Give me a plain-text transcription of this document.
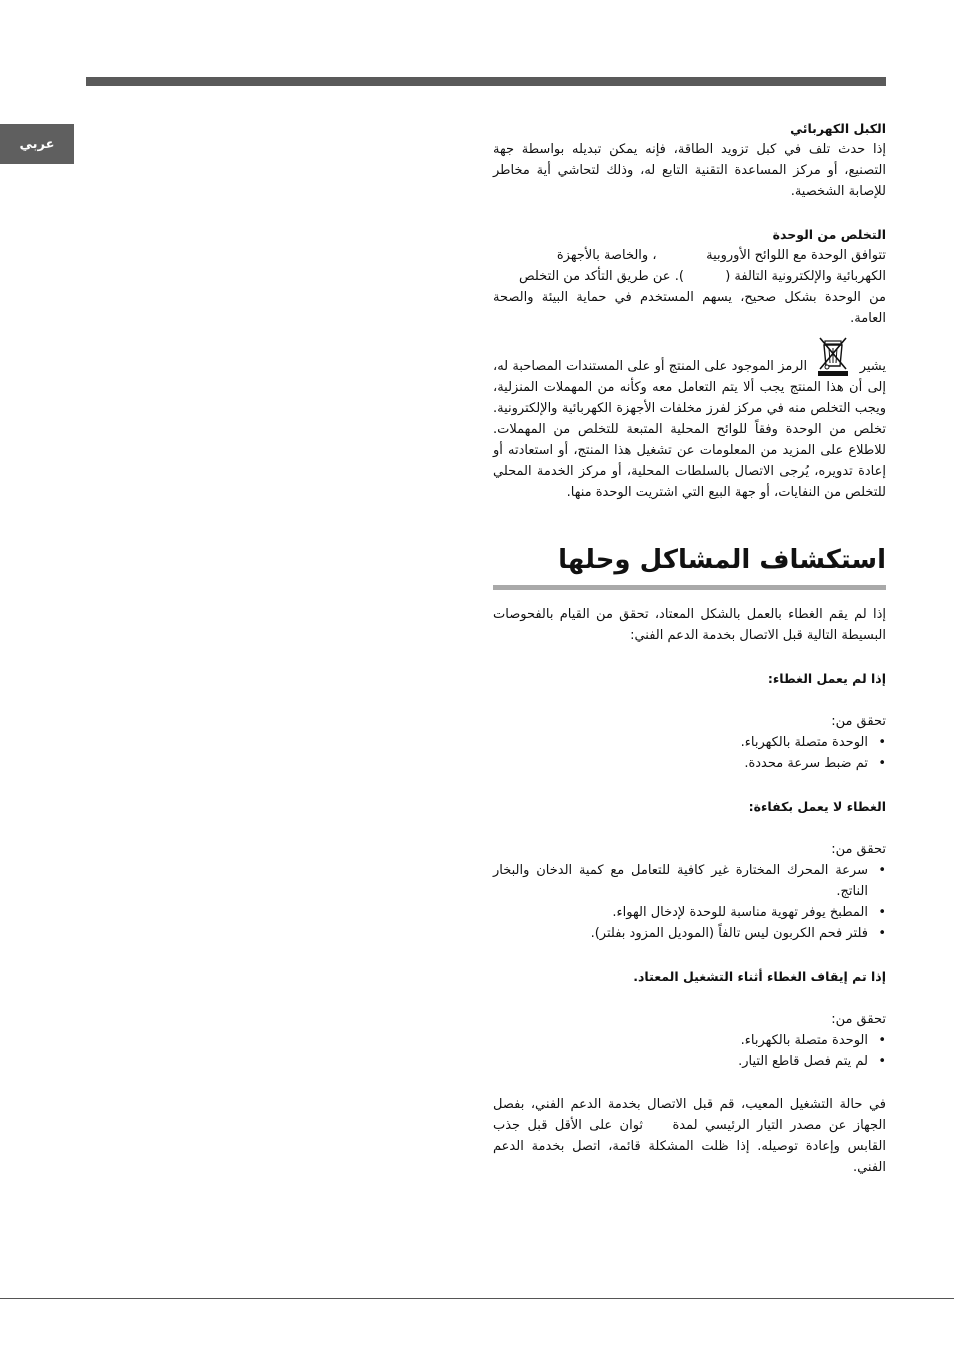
عربي
الكبل الكهربائي

إذا حدث تلف في كبل تزويد الطاقة، فإنه يمكن تبديله بواسطة جهة التصنيع، أو مركز المساعدة التقنية التابع له، وذلك لتحاشي أية مخاطر للإصابة الشخصية.

التخلص من الوحدة

تتوافق الوحدة مع اللوائح الأوروبية            ، والخاصة بالأجهزة

الكهربائية والإلكترونية التالفة (          ). عن طريق التأكد من التخلص

من الوحدة بشكل صحيح، يسهم المستخدم في حماية البيئة والصحة العامة.

يشير  الرمز الموجود على المنتج أو على المستندات المصاحبة له، إلى أن هذا المنتج يجب ألا يتم التعامل معه وكأنه من المهملات المنزلية، ويجب التخلص منه في مركز لفرز مخلفات الأجهزة الكهربائية والإلكترونية. تخلص من الوحدة وفقاً للوائح المحلية المتبعة للتخلص من المهملات. للاطلاع على المزيد من المعلومات عن تشغيل هذا المنتج، أو استعادته أو إعادة تدويره، يُرجى الاتصال بالسلطات المحلية، أو مركز الخدمة المحلي للتخلص من النفايات، أو جهة البيع التي اشتريت الوحدة منها.

استكشاف المشاكل وحلها

إذا لم يقم الغطاء بالعمل بالشكل المعتاد، تحقق من القيام بالفحوصات البسيطة التالية قبل الاتصال بخدمة الدعم الفني:

إذا لم يعمل الغطاء:

تحقق من:

• الوحدة متصلة بالكهرباء.
• تم ضبط سرعة محددة.
الغطاء لا يعمل بكفاءة:

تحقق من:

• سرعة المحرك المختارة غير كافية للتعامل مع كمية الدخان والبخار الناتج.
• المطبخ يوفر تهوية مناسبة للوحدة لإدخال الهواء.
• فلتر فحم الكربون ليس تالفاً (الموديل المزود بفلتر).
إذا تم إيقاف الغطاء أثناء التشغيل المعتاد.

تحقق من:

• الوحدة متصلة بالكهرباء.
• لم يتم فصل قاطع التيار.

في حالة التشغيل المعيب، قم قبل الاتصال بخدمة الدعم الفني، بفصل الجهاز عن مصدر التيار الرئيسي لمدة    ثوان على الأقل قبل جذب القابس وإعادة توصيله. إذا ظلت المشكلة قائمة، اتصل بخدمة الدعم الفني.
